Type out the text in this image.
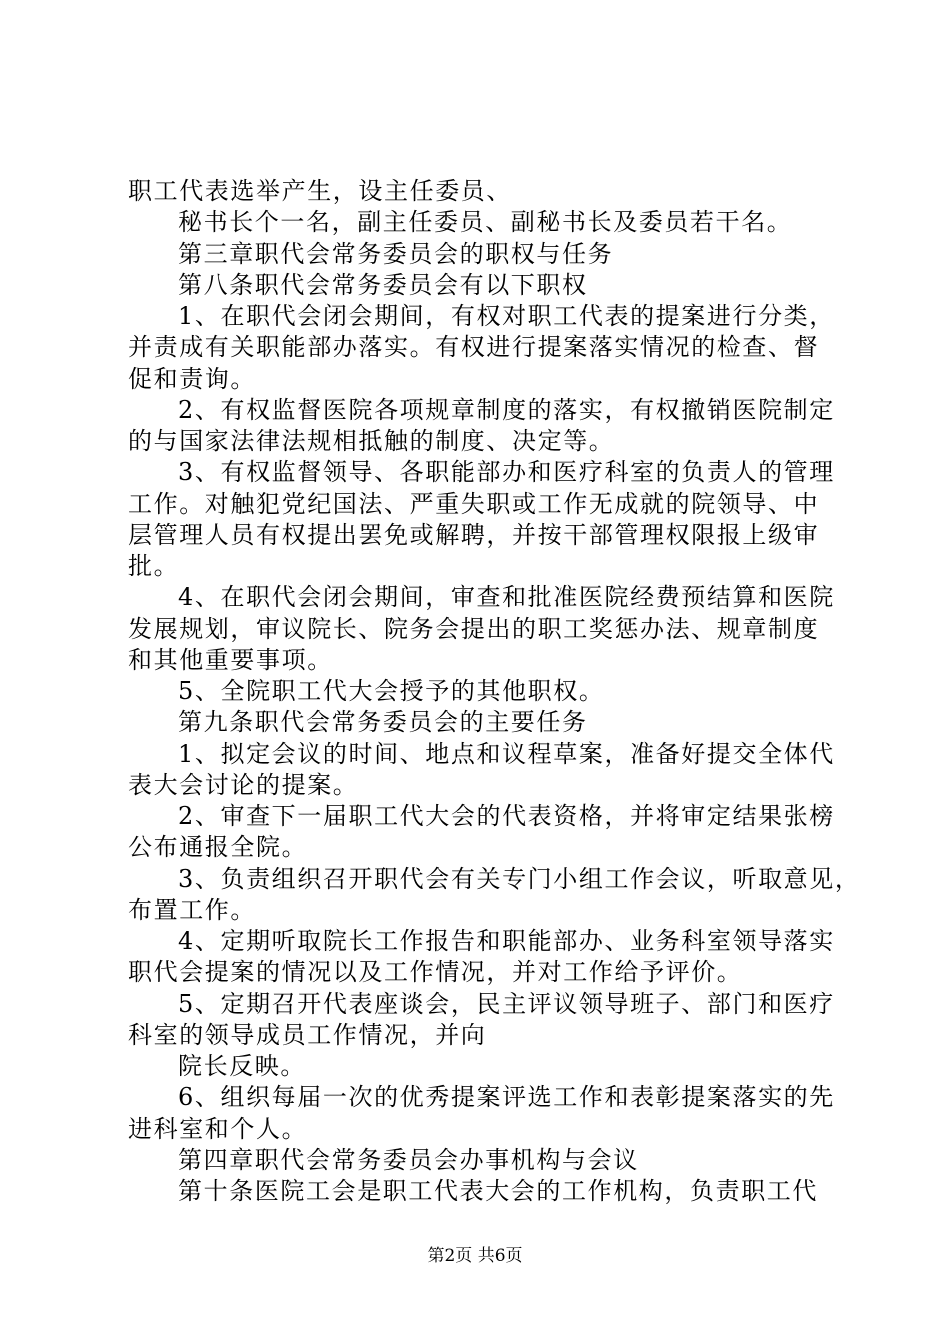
职工代表选举产生，设主任委员、
秘书长个一名，副主任委员、副秘书长及委员若干名。
第三章职代会常务委员会的职权与任务
第八条职代会常务委员会有以下职权
1、在职代会闭会期间，有权对职工代表的提案进行分类，
并责成有关职能部办落实。有权进行提案落实情况的检查、督
促和责询。
2、有权监督医院各项规章制度的落实，有权撤销医院制定
的与国家法律法规相抵触的制度、决定等。
3、有权监督领导、各职能部办和医疗科室的负责人的管理
工作。对触犯党纪国法、严重失职或工作无成就的院领导、中
层管理人员有权提出罢免或解聘，并按干部管理权限报上级审
批。
4、在职代会闭会期间，审查和批准医院经费预结算和医院
发展规划，审议院长、院务会提出的职工奖惩办法、规章制度
和其他重要事项。
5、全院职工代大会授予的其他职权。
第九条职代会常务委员会的主要任务
1、拟定会议的时间、地点和议程草案，准备好提交全体代
表大会讨论的提案。
2、审查下一届职工代大会的代表资格，并将审定结果张榜
公布通报全院。
3、负责组织召开职代会有关专门小组工作会议，听取意见，
布置工作。
4、定期听取院长工作报告和职能部办、业务科室领导落实
职代会提案的情况以及工作情况，并对工作给予评价。
5、定期召开代表座谈会，民主评议领导班子、部门和医疗
科室的领导成员工作情况，并向
院长反映。
6、组织每届一次的优秀提案评选工作和表彰提案落实的先
进科室和个人。
第四章职代会常务委员会办事机构与会议
第十条医院工会是职工代表大会的工作机构，负责职工代
第2页 共6页
